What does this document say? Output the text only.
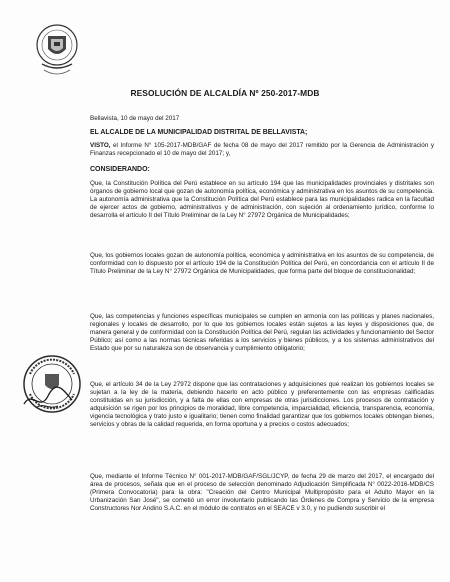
RESOLUCIÓN DE ALCALDÍA Nº 250-2017-MDB
Bellavista, 10 de mayo del 2017
EL ALCALDE DE LA MUNICIPALIDAD DISTRITAL DE BELLAVISTA;
VISTO, el Informe N° 105-2017-MDB/GAF de fecha 08 de mayo del 2017 remitido por la Gerencia de Administración y Finanzas recepcionado el 10 de mayo del 2017; y,
CONSIDERANDO:
Que, la Constitución Política del Perú establece en su artículo 194 que las municipalidades provinciales y distritales son órganos de gobierno local que gozan de autonomía política, económica y administrativa en los asuntos de su competencia. La autonomía administrativa que la Constitución Política del Perú establece para las municipalidades radica en la facultad de ejercer actos de gobierno, administrativos y de administración, con sujeción al ordenamiento jurídico, conforme lo desarrolla el artículo II del Título Preliminar de la Ley N° 27972 Orgánica de Municipalidades;
Que, los gobiernos locales gozan de autonomía política, económica y administrativa en los asuntos de su competencia, de conformidad con lo dispuesto por el artículo 194 de la Constitución Política del Perú, en concordancia con el artículo II de Título Preliminar de la Ley N° 27972 Orgánica de Municipalidades, que forma parte del bloque de constitucionalidad;
Que, las competencias y funciones específicas municipales se cumplen en armonía con las políticas y planes nacionales, regionales y locales de desarrollo, por lo que los gobiernos locales están sujetos a las leyes y disposiciones que, de manera general y de conformidad con la Constitución Política del Perú, regulan las actividades y funcionamiento del Sector Público; así como a las normas técnicas referidas a los servicios y bienes públicos, y a los sistemas administrativos del Estado que por su naturaleza son de observancia y cumplimiento obligatorio;
Que, el artículo 34 de la Ley 27972 dispone que las contrataciones y adquisiciones que realizan los gobiernos locales se sujetan a la ley de la materia, debiendo hacerlo en acto público y preferentemente con las empresas calificadas constituidas en su jurisdicción, y a falta de ellas con empresas de otras jurisdicciones. Los procesos de contratación y adquisición se rigen por los principios de moralidad, libre competencia, imparcialidad, eficiencia, transparencia, economía, vigencia tecnológica y trato justo e igualitario; tienen como finalidad garantizar que los gobiernos locales obtengan bienes, servicios y obras de la calidad requerida, en forma oportuna y a precios o costos adecuados;
Que, mediante el Informe Técnico N° 001-2017-MDB/GAF/SGL/JCYP, de fecha 29 de marzo del 2017, el encargado del área de procesos, señala que en el proceso de selección denominado Adjudicación Simplificada N° 0022-2016-MDB/CS (Primera Convocatoria) para la obra: "Creación del Centro Municipal Multipropósito para el Adulto Mayor en la Urbanización San José", se cometió un error involuntario publicando las Órdenes de Compra y Servicio de la empresa Constructores Nor Andino S.A.C. en el módulo de contratos en el SEACE v 3.0, y no pudiendo suscribir el
